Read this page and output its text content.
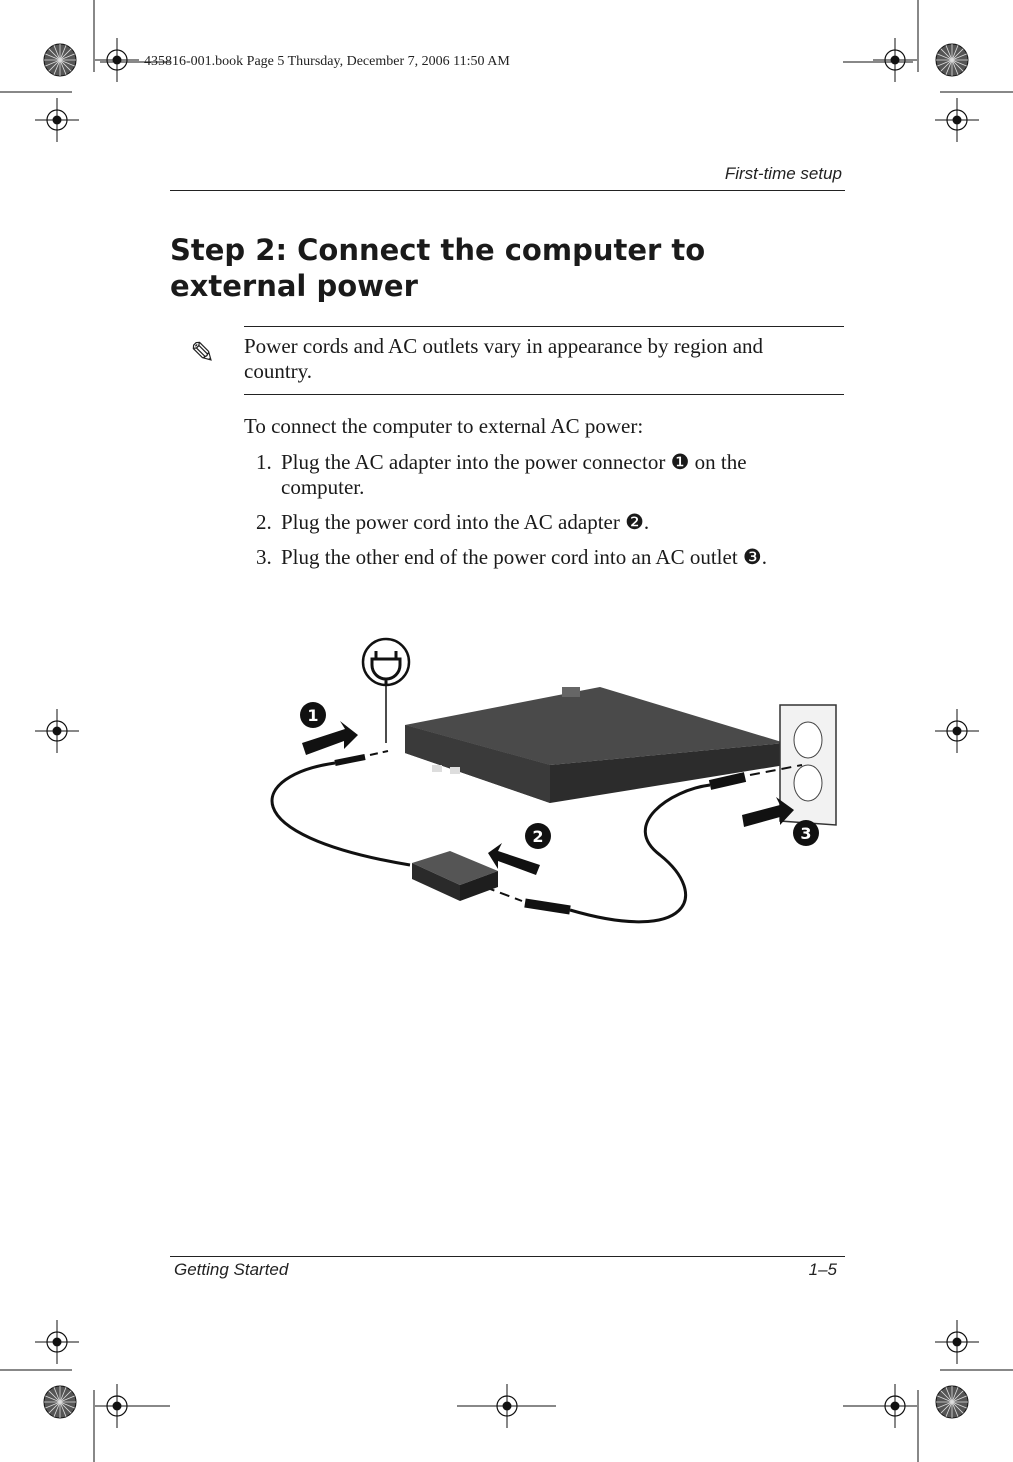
435816-001.book Page 5 Thursday, December 7, 2006 11:50 AM
First-time setup
Step 2: Connect the computer to external power
✎ Power cords and AC outlets vary in appearance by region and country.
To connect the computer to external AC power:
1. Plug the AC adapter into the power connector ❶ on the computer.
2. Plug the power cord into the AC adapter ❷.
3. Plug the other end of the power cord into an AC outlet ❸.
1
2	3
Getting Started	1–5
